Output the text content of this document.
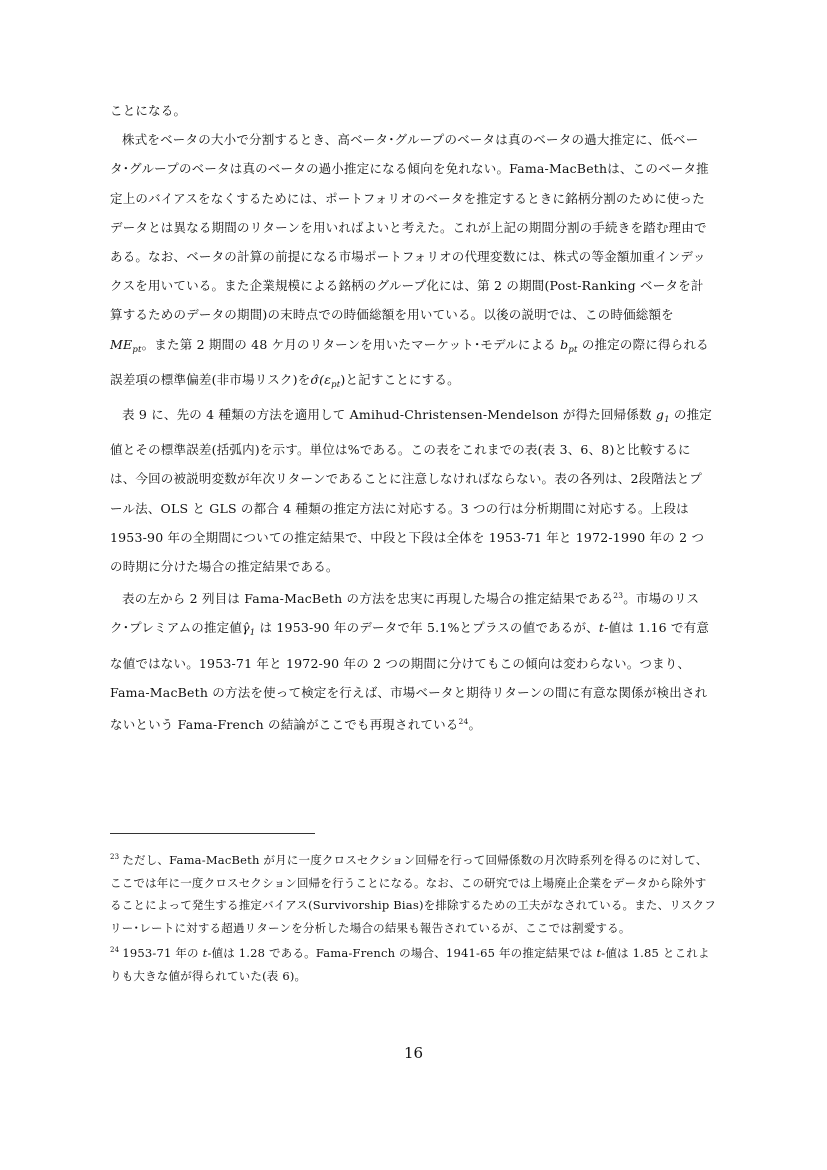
ことになる。

株式をベータの大小で分割するとき、高ベータ･グループのベータは真のベータの過大推定に、低ベータ･グループのベータは真のベータの過小推定になる傾向を免れない。Fama-MacBethは、このベータ推定上のバイアスをなくするためには、ポートフォリオのベータを推定するときに銘柄分割のために使ったデータとは異なる期間のリターンを用いればよいと考えた。これが上記の期間分割の手続きを踏む理由である。なお、ベータの計算の前提になる市場ポートフォリオの代理変数には、株式の等金額加重インデックスを用いている。また企業規模による銘柄のグループ化には、第 2 の期間(Post-Ranking ベータを計算するためのデータの期間)の末時点での時価総額を用いている。以後の説明では、この時価総額を $ME_{pt}$。また第 2 期間の 48 ケ月のリターンを用いたマーケット･モデルによる $b_{pt}$ の推定の際に得られる誤差項の標準偏差(非市場リスク)を$\sigmâ(\varepsilon_{pt})$と記すことにする。

表 9 に、先の 4 種類の方法を適用して Amihud-Christensen-Mendelson が得た回帰係数 $g_1$ の推定値とその標準誤差(括弧内)を示す。単位は%である。この表をこれまでの表(表 3、6、8)と比較するには、今回の被説明変数が年次リターンであることに注意しなければならない。表の各列は、2段階法とプール法、OLS と GLS の都合 4 種類の推定方法に対応する。3 つの行は分析期間に対応する。上段は 1953-90 年の全期間についての推定結果で、中段と下段は全体を 1953-71 年と 1972-1990 年の 2 つの時期に分けた場合の推定結果である。

表の左から 2 列目は Fama-MacBeth の方法を忠実に再現した場合の推定結果である$^{23}$。市場のリスク･プレミアムの推定値$\gammâ_1$ は 1953-90 年のデータで年 5.1%とプラスの値であるが、t-値は 1.16 で有意な値ではない。1953-71 年と 1972-90 年の 2 つの期間に分けてもこの傾向は変わらない。つまり、Fama-MacBeth の方法を使って検定を行えば、市場ベータと期待リターンの間に有意な関係が検出されないという Fama-French の結論がここでも再現されている$^{24}$。

$^{23}$ ただし、Fama-MacBeth が月に一度クロスセクション回帰を行って回帰係数の月次時系列を得るのに対して、ここでは年に一度クロスセクション回帰を行うことになる。なお、この研究では上場廃止企業をデータから除外することによって発生する推定バイアス(Survivorship Bias)を排除するための工夫がなされている。また、リスクフリー･レートに対する超過リターンを分析した場合の結果も報告されているが、ここでは割愛する。

$^{24}$ 1953-71 年の t-値は 1.28 である。Fama-French の場合、1941-65 年の推定結果では t-値は 1.85 とこれよりも大きな値が得られていた(表 6)。

16
